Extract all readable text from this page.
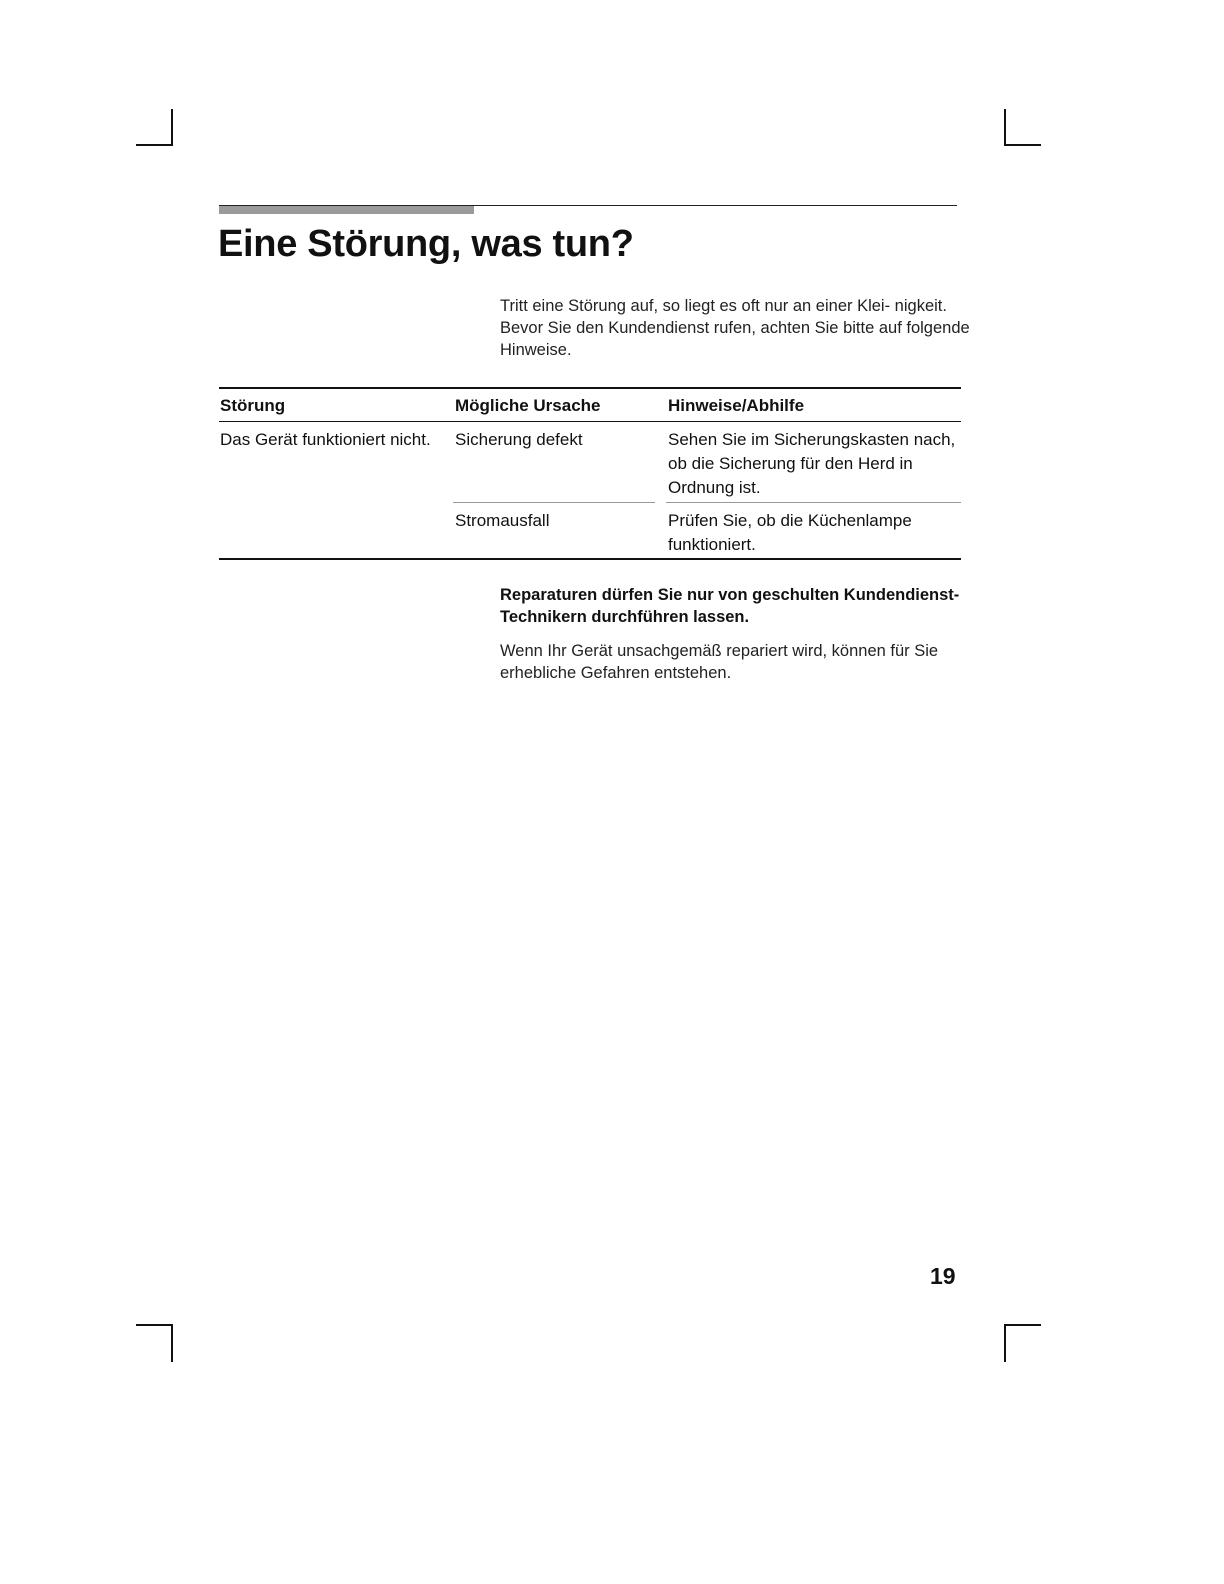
Eine Störung, was tun?

Tritt eine Störung auf, so liegt es oft nur an einer Klei- nigkeit. Bevor Sie den Kundendienst rufen, achten Sie bitte auf folgende Hinweise.

Störung	Mögliche Ursache	Hinweise/Abhilfe
Das Gerät funktioniert nicht.	Sicherung defekt	Sehen Sie im Sicherungskasten nach, ob die Sicherung für den Herd in Ordnung ist.
Stromausfall	Prüfen Sie, ob die Küchenlampe funktioniert.

Reparaturen dürfen Sie nur von geschulten Kundendienst-Technikern durchführen lassen.

Wenn Ihr Gerät unsachgemäß repariert wird, können für Sie erhebliche Gefahren entstehen.

19
